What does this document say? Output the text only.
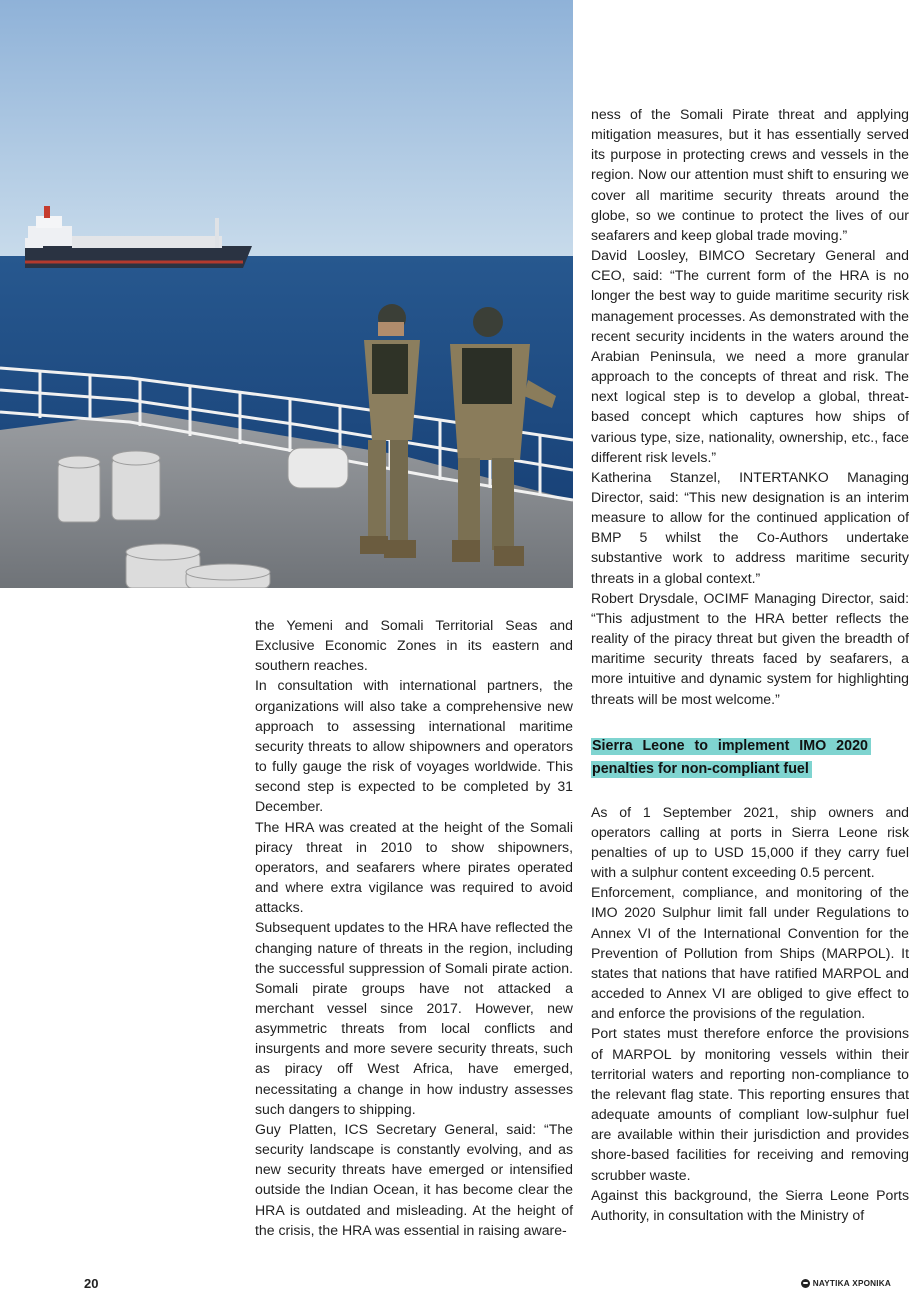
the Yemeni and Somali Territorial Seas and Exclusive Economic Zones in its eastern and southern reaches.

In consultation with international partners, the organizations will also take a comprehensive new approach to assessing international maritime security threats to allow shipowners and operators to fully gauge the risk of voyages worldwide. This second step is expected to be completed by 31 December.

The HRA was created at the height of the Somali piracy threat in 2010 to show shipowners, operators, and seafarers where pirates operated and where extra vigilance was required to avoid attacks.

Subsequent updates to the HRA have reflected the changing nature of threats in the region, including the successful suppression of Somali pirate action. Somali pirate groups have not attacked a merchant vessel since 2017. However, new asymmetric threats from local conflicts and insurgents and more severe security threats, such as piracy off West Africa, have emerged, necessitating a change in how industry assesses such dangers to shipping.

Guy Platten, ICS Secretary General, said: “The security landscape is constantly evolving, and as new security threats have emerged or intensified outside the Indian Ocean, it has become clear the HRA is outdated and misleading. At the height of the crisis, the HRA was essential in raising aware-

ness of the Somali Pirate threat and applying mitigation measures, but it has essentially served its purpose in protecting crews and vessels in the region. Now our attention must shift to ensuring we cover all maritime security threats around the globe, so we continue to protect the lives of our seafarers and keep global trade moving.”

David Loosley, BIMCO Secretary General and CEO, said: “The current form of the HRA is no longer the best way to guide maritime security risk management processes. As demonstrated with the recent security incidents in the waters around the Arabian Peninsula, we need a more granular approach to the concepts of threat and risk. The next logical step is to develop a global, threat-based concept which captures how ships of various type, size, nationality, ownership, etc., face different risk levels.”

Katherina Stanzel, INTERTANKO Managing Director, said: “This new designation is an interim measure to allow for the continued application of BMP 5 whilst the Co-Authors undertake substantive work to address maritime security threats in a global context.”

Robert Drysdale, OCIMF Managing Director, said: “This adjustment to the HRA better reflects the reality of the piracy threat but given the breadth of maritime security threats faced by seafarers, a more intuitive and dynamic system for highlighting threats will be most welcome.”

Sierra Leone to implement IMO 2020 penalties for non-compliant fuel

As of 1 September 2021, ship owners and operators calling at ports in Sierra Leone risk penalties of up to USD 15,000 if they carry fuel with a sulphur content exceeding 0.5 percent.

Enforcement, compliance, and monitoring of the IMO 2020 Sulphur limit fall under Regulations to Annex VI of the International Convention for the Prevention of Pollution from Ships (MARPOL). It states that nations that have ratified MARPOL and acceded to Annex VI are obliged to give effect to and enforce the provisions of the regulation.

Port states must therefore enforce the provisions of MARPOL by monitoring vessels within their territorial waters and reporting non-compliance to the relevant flag state. This reporting ensures that adequate amounts of compliant low-sulphur fuel are available within their jurisdiction and provides shore-based facilities for receiving and removing scrubber waste.

Against this background, the Sierra Leone Ports Authority, in consultation with the Ministry of

20	ΝΑΥΤΙΚΑ ΧΡΟΝΙΚΑ
